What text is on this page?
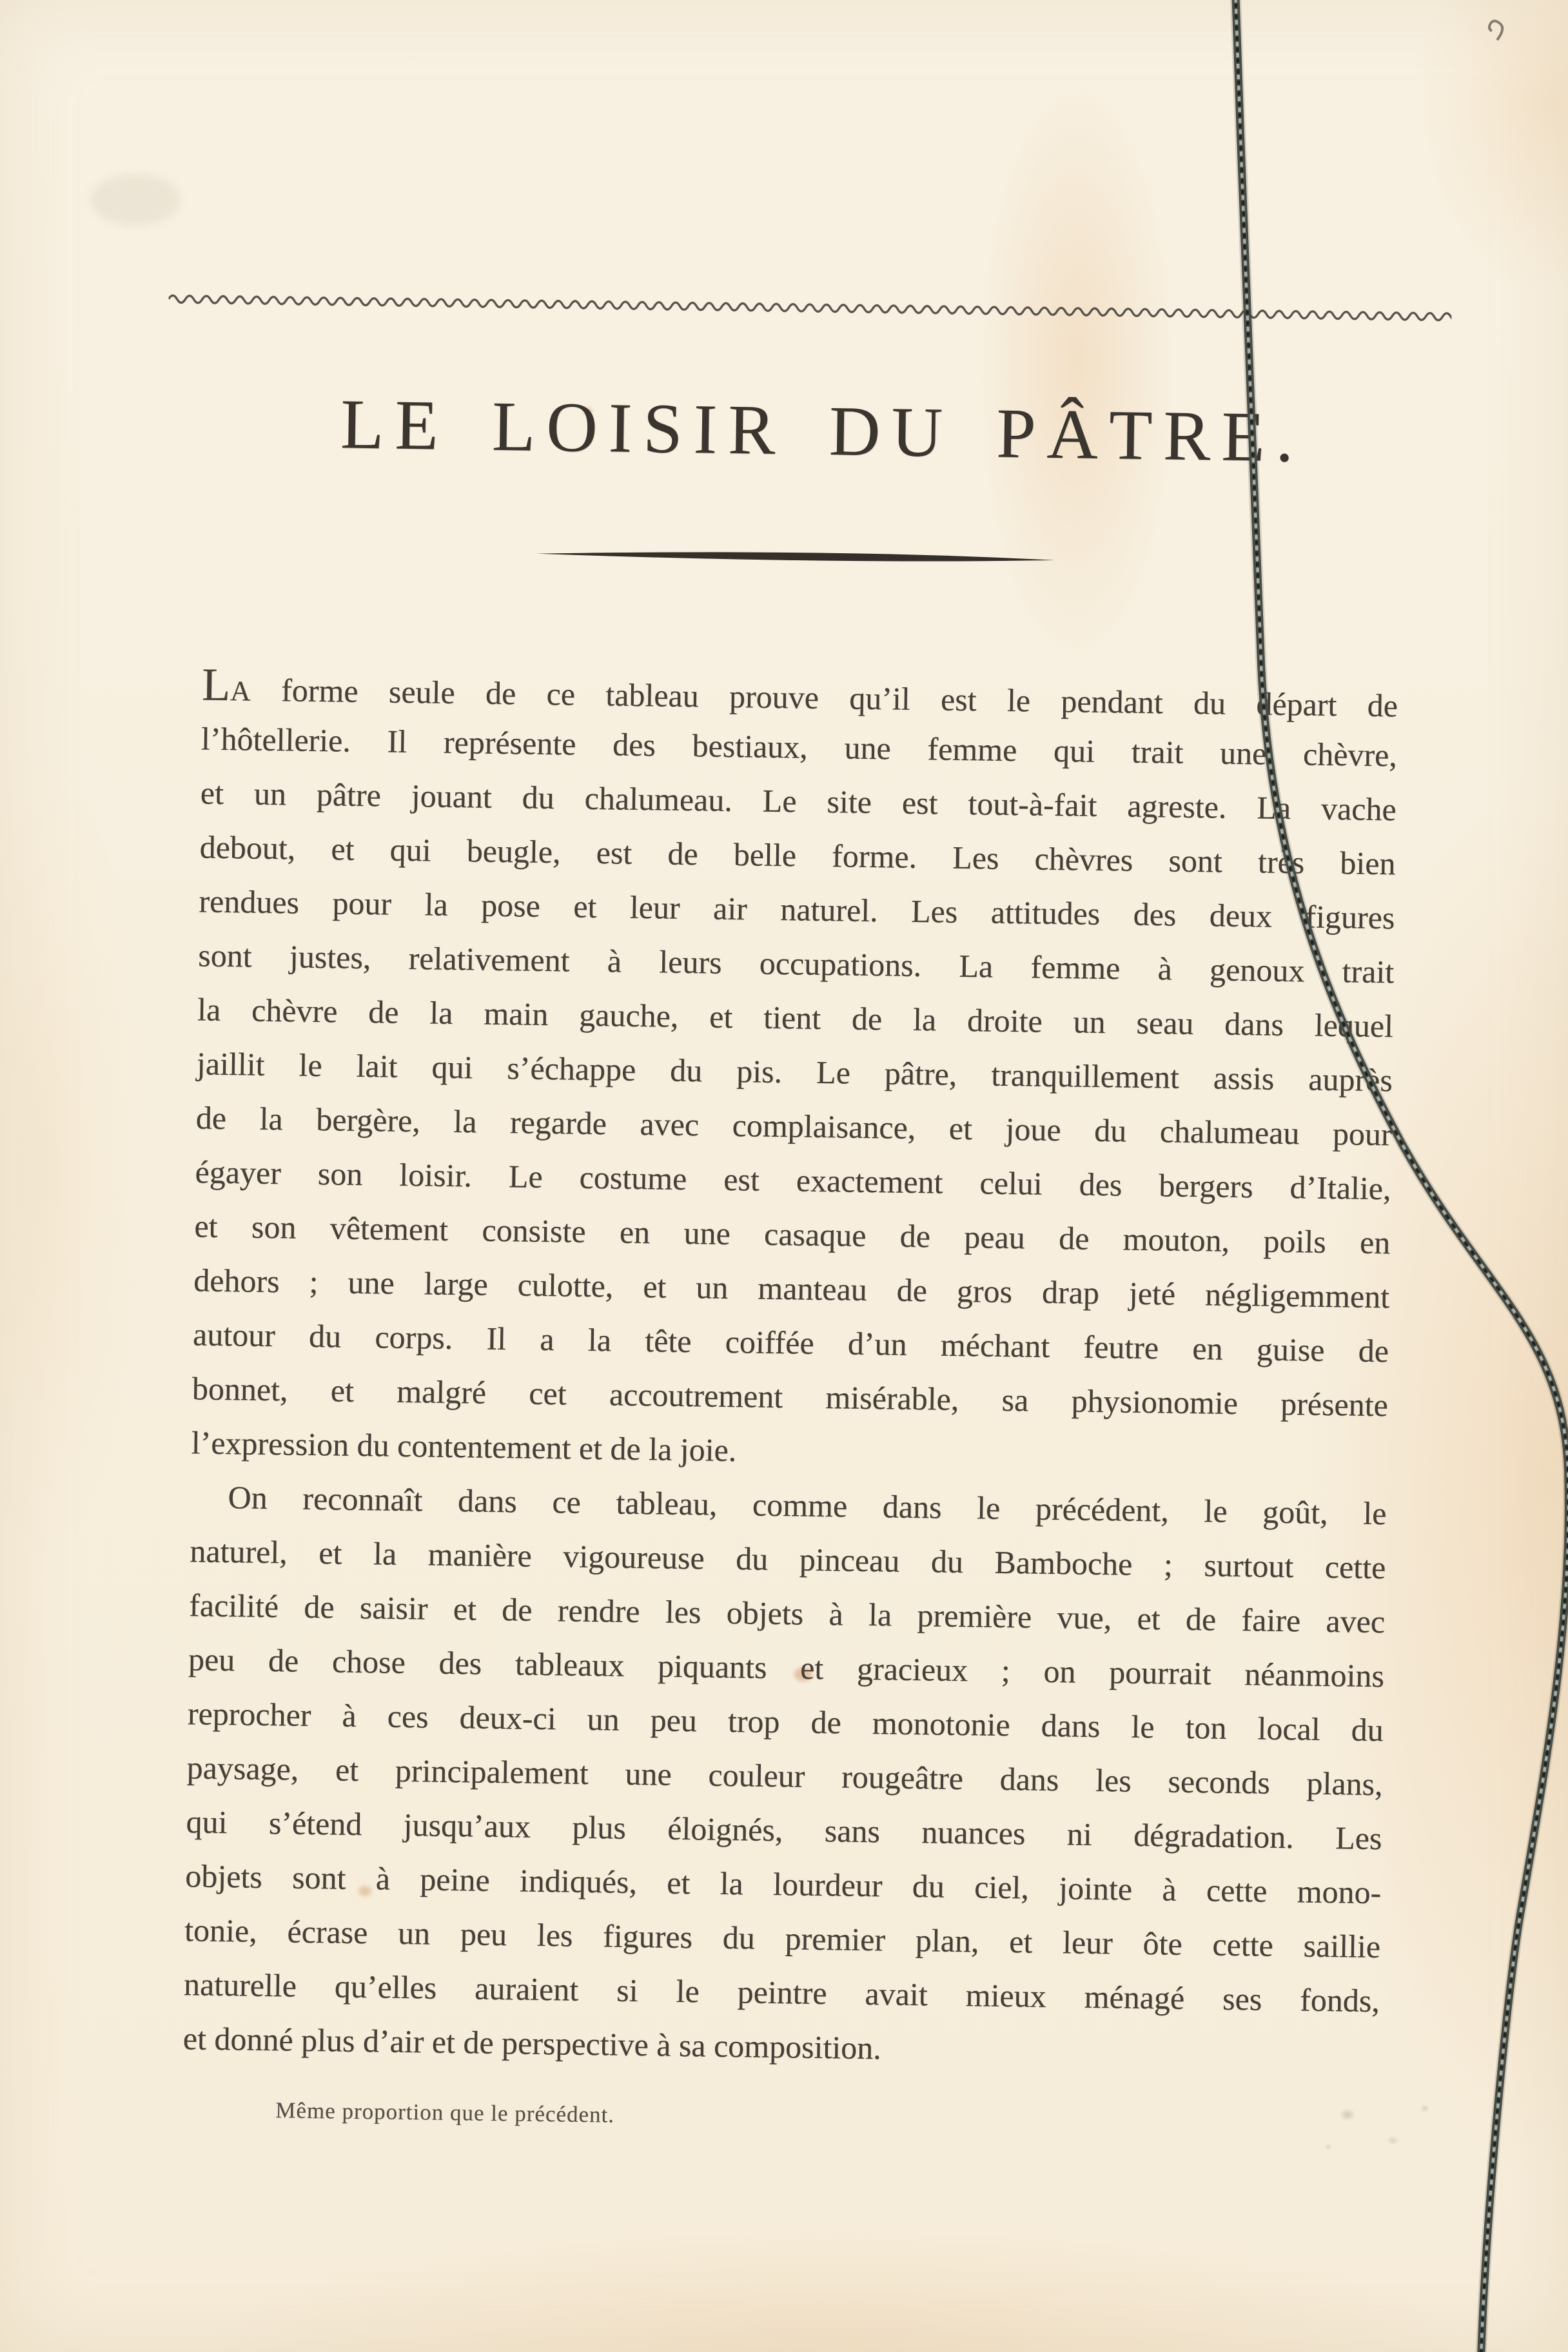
LE LOISIR DU PÂTRE.
LA forme seule de ce tableau prouve qu’il est le pendant du départ de
l’hôtellerie. Il représente des bestiaux, une femme qui trait une chèvre,
et un pâtre jouant du chalumeau. Le site est tout-à-fait agreste. La vache
debout, et qui beugle, est de belle forme. Les chèvres sont très bien
rendues pour la pose et leur air naturel. Les attitudes des deux figures
sont justes, relativement à leurs occupations. La femme à genoux trait
la chèvre de la main gauche, et tient de la droite un seau dans lequel
jaillit le lait qui s’échappe du pis. Le pâtre, tranquillement assis auprès
de la bergère, la regarde avec complaisance, et joue du chalumeau pour
égayer son loisir. Le costume est exactement celui des bergers d’Italie,
et son vêtement consiste en une casaque de peau de mouton, poils en
dehors ; une large culotte, et un manteau de gros drap jeté négligemment
autour du corps. Il a la tête coiffée d’un méchant feutre en guise de
bonnet, et malgré cet accoutrement misérable, sa physionomie présente
l’expression du contentement et de la joie.
On reconnaît dans ce tableau, comme dans le précédent, le goût, le
naturel, et la manière vigoureuse du pinceau du Bamboche ; surtout cette
facilité de saisir et de rendre les objets à la première vue, et de faire avec
peu de chose des tableaux piquants et gracieux ; on pourrait néanmoins
reprocher à ces deux-ci un peu trop de monotonie dans le ton local du
paysage, et principalement une couleur rougeâtre dans les seconds plans,
qui s’étend jusqu’aux plus éloignés, sans nuances ni dégradation. Les
objets sont à peine indiqués, et la lourdeur du ciel, jointe à cette mono-
tonie, écrase un peu les figures du premier plan, et leur ôte cette saillie
naturelle qu’elles auraient si le peintre avait mieux ménagé ses fonds,
et donné plus d’air et de perspective à sa composition.
Même proportion que le précédent.
